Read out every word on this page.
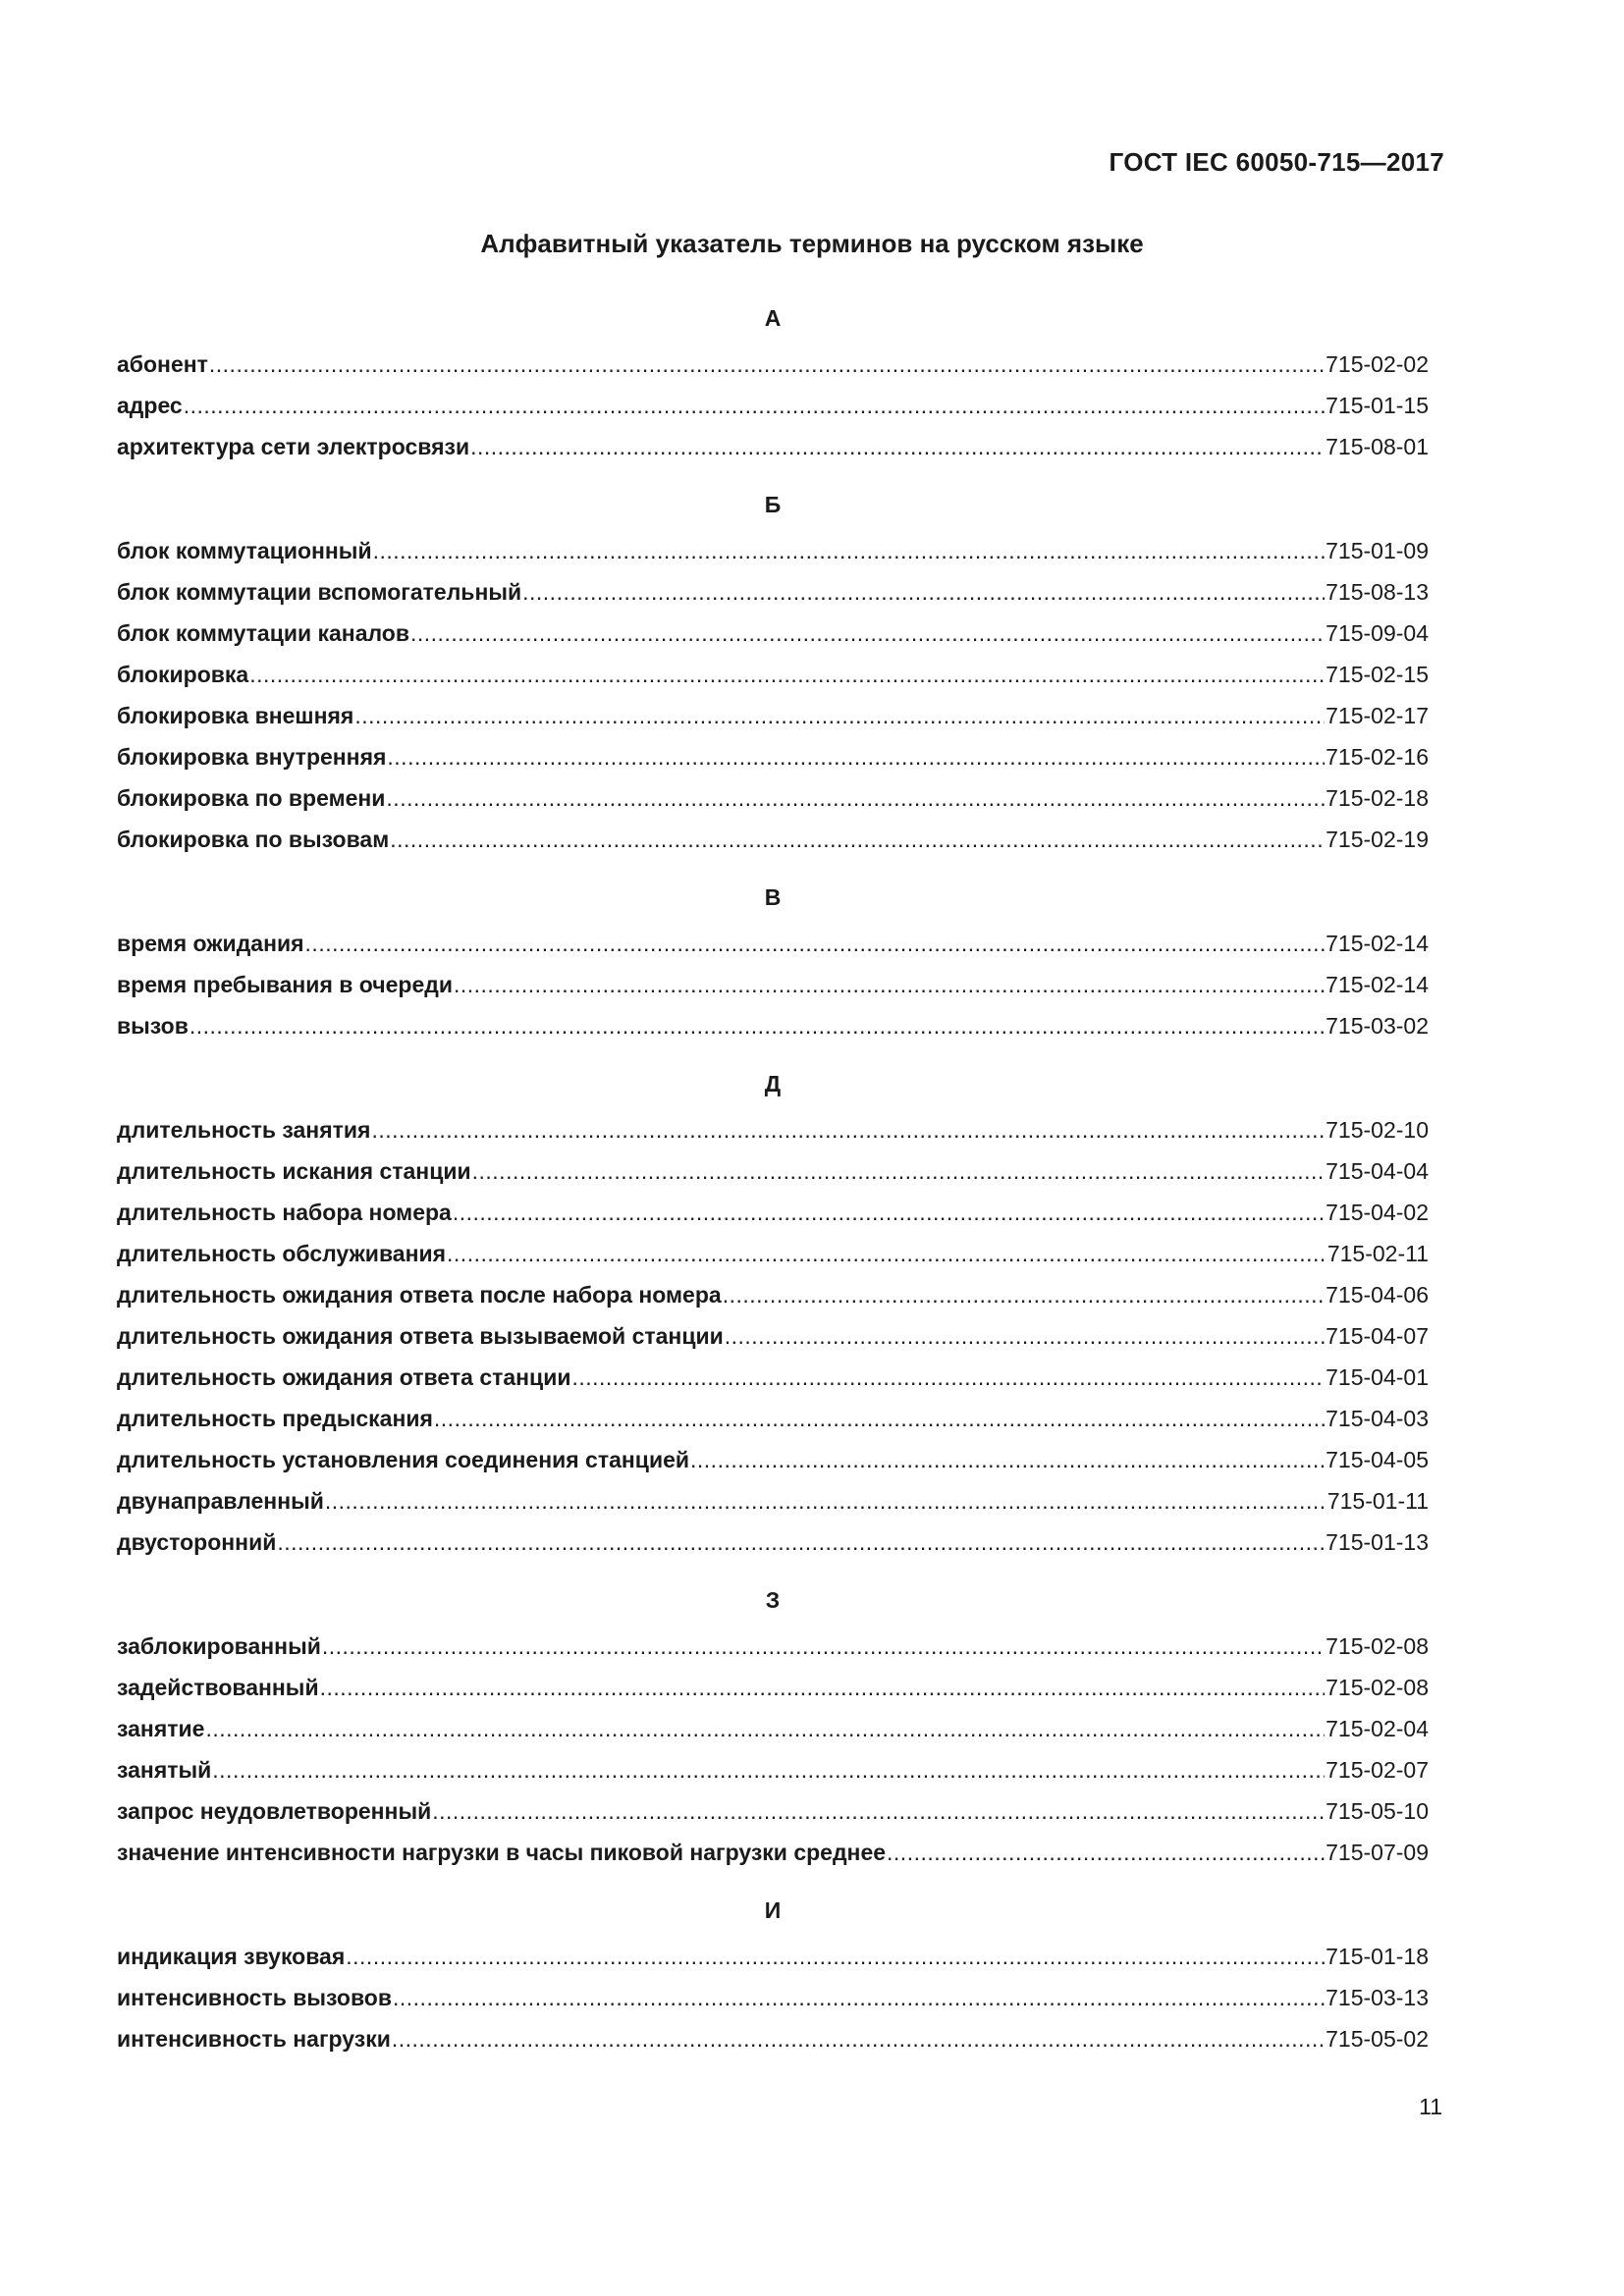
ГОСТ IEC 60050-715—2017
Алфавитный указатель терминов на русском языке
А
абонент .....	715-02-02
адрес .....	715-01-15
архитектура сети электросвязи .....	715-08-01
Б
блок коммутационный .....	715-01-09
блок коммутации вспомогательный .....	715-08-13
блок коммутации каналов .....	715-09-04
блокировка .....	715-02-15
блокировка внешняя .....	715-02-17
блокировка внутренняя .....	715-02-16
блокировка по времени .....	715-02-18
блокировка по вызовам .....	715-02-19
В
время ожидания .....	715-02-14
время пребывания в очереди .....	715-02-14
вызов .....	715-03-02
Д
длительность занятия .....	715-02-10
длительность искания станции .....	715-04-04
длительность набора номера .....	715-04-02
длительность обслуживания .....	715-02-11
длительность ожидания ответа после набора номера .....	715-04-06
длительность ожидания ответа вызываемой станции .....	715-04-07
длительность ожидания ответа станции .....	715-04-01
длительность предыскания .....	715-04-03
длительность установления соединения станцией .....	715-04-05
двунаправленный .....	715-01-11
двусторонний .....	715-01-13
З
заблокированный .....	715-02-08
задействованный .....	715-02-08
занятие .....	715-02-04
занятый .....	715-02-07
запрос неудовлетворенный .....	715-05-10
значение интенсивности нагрузки в часы пиковой нагрузки среднее .....	715-07-09
И
индикация звуковая .....	715-01-18
интенсивность вызовов .....	715-03-13
интенсивность нагрузки .....	715-05-02
11
